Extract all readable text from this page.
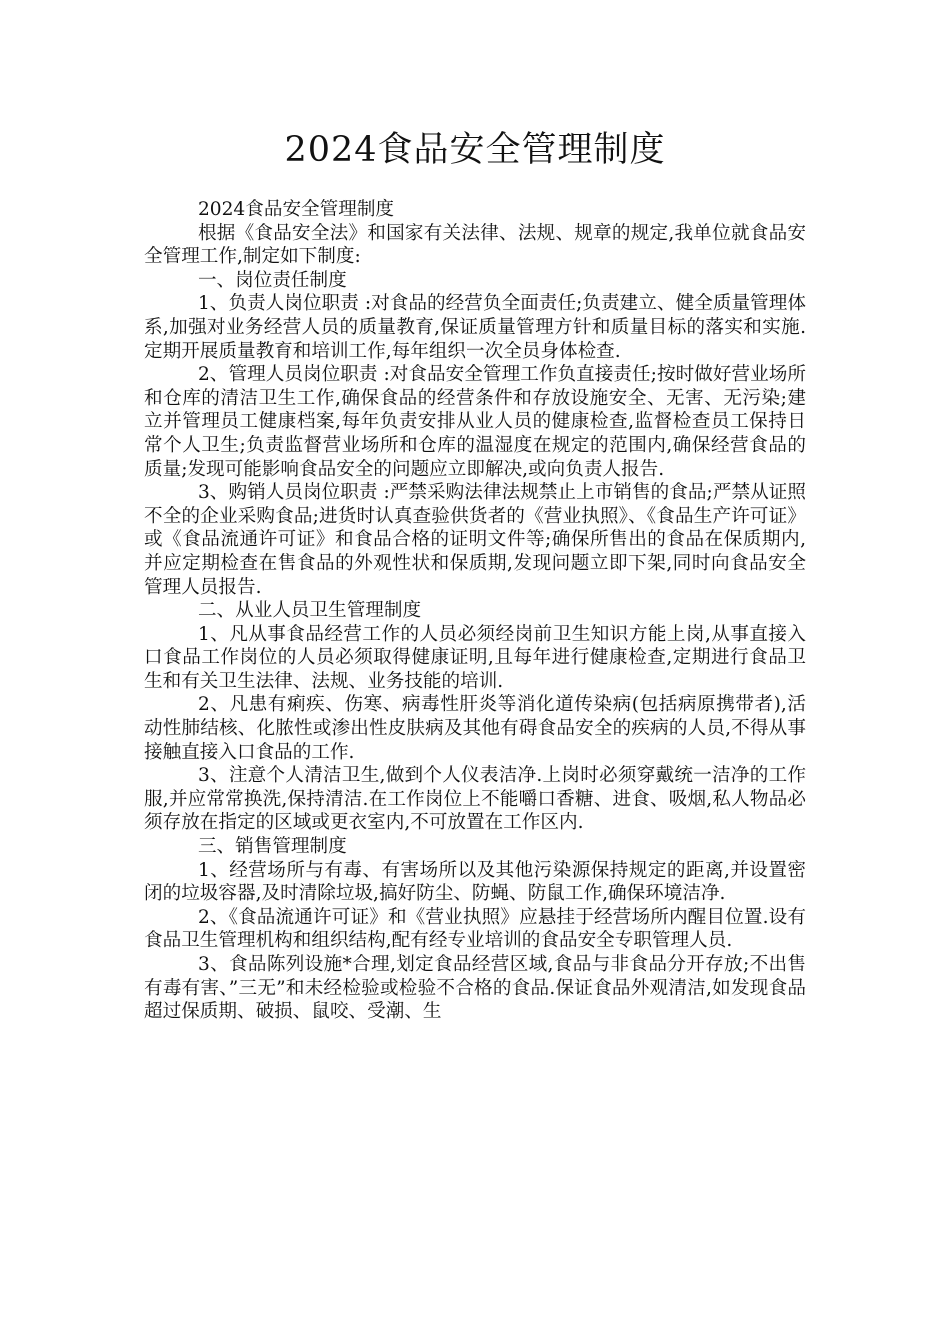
2024食品安全管理制度

2024食品安全管理制度

根据《食品安全法》和国家有关法律、法规、规章的规定,我单位就食品安全管理工作,制定如下制度:

一、岗位责任制度

1、负责人岗位职责 :对食品的经营负全面责任;负责建立、健全质量管理体系,加强对业务经营人员的质量教育,保证质量管理方针和质量目标的落实和实施.定期开展质量教育和培训工作,每年组织一次全员身体检查.

2、管理人员岗位职责 :对食品安全管理工作负直接责任;按时做好营业场所和仓库的清洁卫生工作,确保食品的经营条件和存放设施安全、无害、无污染;建立并管理员工健康档案,每年负责安排从业人员的健康检查,监督检查员工保持日常个人卫生;负责监督营业场所和仓库的温湿度在规定的范围内,确保经营食品的质量;发现可能影响食品安全的问题应立即解决,或向负责人报告.

3、购销人员岗位职责 :严禁采购法律法规禁止上市销售的食品;严禁从证照不全的企业采购食品;进货时认真查验供货者的《营业执照》、《食品生产许可证》或《食品流通许可证》和食品合格的证明文件等;确保所售出的食品在保质期内,并应定期检查在售食品的外观性状和保质期,发现问题立即下架,同时向食品安全管理人员报告.

二、从业人员卫生管理制度

1、凡从事食品经营工作的人员必须经岗前卫生知识方能上岗,从事直接入口食品工作岗位的人员必须取得健康证明,且每年进行健康检查,定期进行食品卫生和有关卫生法律、法规、业务技能的培训.

2、凡患有痢疾、伤寒、病毒性肝炎等消化道传染病(包括病原携带者),活动性肺结核、化脓性或渗出性皮肤病及其他有碍食品安全的疾病的人员,不得从事接触直接入口食品的工作.

3、注意个人清洁卫生,做到个人仪表洁净.上岗时必须穿戴统一洁净的工作服,并应常常换洗,保持清洁.在工作岗位上不能嚼口香糖、进食、吸烟,私人物品必须存放在指定的区域或更衣室内,不可放置在工作区内.

三、销售管理制度

1、经营场所与有毒、有害场所以及其他污染源保持规定的距离,并设置密闭的垃圾容器,及时清除垃圾,搞好防尘、防蝇、防鼠工作,确保环境洁净.

2、《食品流通许可证》和《营业执照》应悬挂于经营场所内醒目位置.设有食品卫生管理机构和组织结构,配有经专业培训的食品安全专职管理人员.

3、食品陈列设施*合理,划定食品经营区域,食品与非食品分开存放;不出售有毒有害、”三无”和未经检验或检验不合格的食品.保证食品外观清洁,如发现食品超过保质期、破损、鼠咬、受潮、生
